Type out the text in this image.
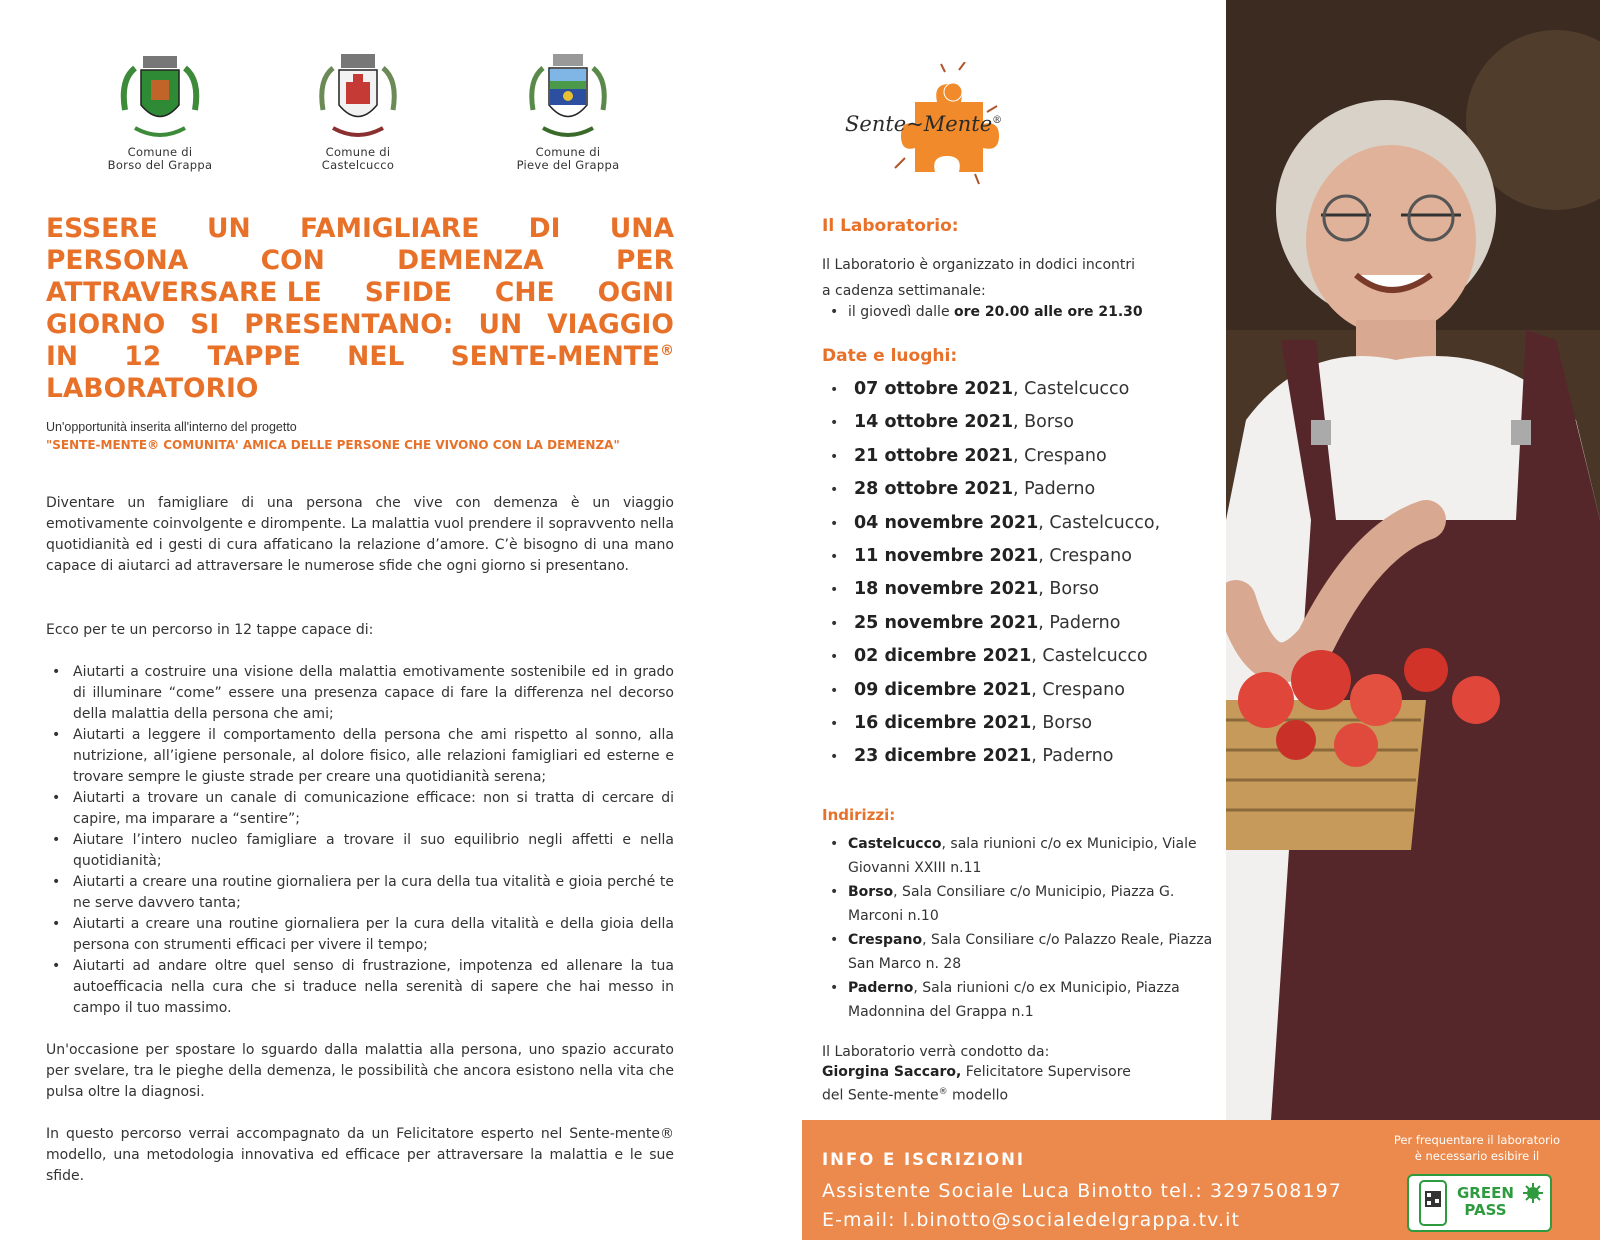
Comune di
Borso del Grappa
Comune di
Castelcucco
Comune di
Pieve del Grappa
ESSERE UN FAMIGLIARE DI UNA
PERSONA	CON	DEMENZA	PER
ATTRAVERSARE LE SFIDE CHE OGNI
GIORNO SI PRESENTANO: UN VIAGGIO
IN 12 TAPPE NEL SENTE-MENTE®
LABORATORIO
Un'opportunità inserita all'interno del progetto
"SENTE-MENTE® COMUNITA' AMICA DELLE PERSONE CHE VIVONO CON LA DEMENZA"

Diventare un famigliare di una persona che vive con demenza è un viaggio emotivamente coinvolgente e dirompente. La malattia vuol prendere il sopravvento nella quotidianità ed i gesti di cura affaticano la relazione d’amore. C’è bisogno di una mano capace di aiutarci ad attraversare le numerose sfide che ogni giorno si presentano.

Ecco per te un percorso in 12 tappe capace di:

• Aiutarti a costruire una visione della malattia emotivamente sostenibile ed in grado di illuminare “come” essere una presenza capace di fare la differenza nel decorso della malattia della persona che ami;
• Aiutarti a leggere il comportamento della persona che ami rispetto al sonno, alla nutrizione, all’igiene personale, al dolore fisico, alle relazioni famigliari ed esterne e trovare sempre le giuste strade per creare una quotidianità serena;
• Aiutarti a trovare un canale di comunicazione efficace: non si tratta di cercare di capire, ma imparare a “sentire”;
• Aiutare l’intero nucleo famigliare a trovare il suo equilibrio negli affetti e nella quotidianità;
• Aiutarti a creare una routine giornaliera per la cura della tua vitalità e gioia perché te ne serve davvero tanta;
• Aiutarti a creare una routine giornaliera per la cura della vitalità e della gioia della persona con strumenti efficaci per vivere il tempo;
• Aiutarti ad andare oltre quel senso di frustrazione, impotenza ed allenare la tua autoefficacia nella cura che si traduce nella serenità di sapere che hai messo in campo il tuo massimo.

Un'occasione per spostare lo sguardo dalla malattia alla persona, uno spazio accurato per svelare, tra le pieghe della demenza, le possibilità che ancora esistono nella vita che pulsa oltre la diagnosi.

In questo percorso verrai accompagnato da un Felicitatore esperto nel Sente-mente® modello, una metodologia innovativa ed efficace per attraversare la malattia e le sue sfide.

Sente~Mente®
Il Laboratorio:
Il Laboratorio è organizzato in dodici incontri
a cadenza settimanale:
• il giovedì dalle ore 20.00 alle ore 21.30
Date e luoghi:
• 07 ottobre 2021, Castelcucco
• 14 ottobre 2021, Borso
• 21 ottobre 2021, Crespano
• 28 ottobre 2021, Paderno
• 04 novembre 2021, Castelcucco,
• 11 novembre 2021, Crespano
• 18 novembre 2021, Borso
• 25 novembre 2021, Paderno
• 02 dicembre 2021, Castelcucco
• 09 dicembre 2021, Crespano
• 16 dicembre 2021, Borso
• 23 dicembre 2021, Paderno
Indirizzi:
• Castelcucco, sala riunioni c/o ex Municipio, Viale Giovanni XXIII n.11
• Borso, Sala Consiliare c/o Municipio, Piazza G. Marconi n.10
• Crespano, Sala Consiliare c/o Palazzo Reale, Piazza San Marco n. 28
• Paderno, Sala riunioni c/o ex Municipio, Piazza Madonnina del Grappa n.1
Il Laboratorio verrà condotto da:
Giorgina Saccaro, Felicitatore Supervisore
del Sente-mente® modello
INFO E ISCRIZIONI
Assistente Sociale Luca Binotto tel.: 3297508197
E-mail: l.binotto@socialedelgrappa.tv.it
Per frequentare il laboratorio
è necessario esibire il
GREEN
PASS
